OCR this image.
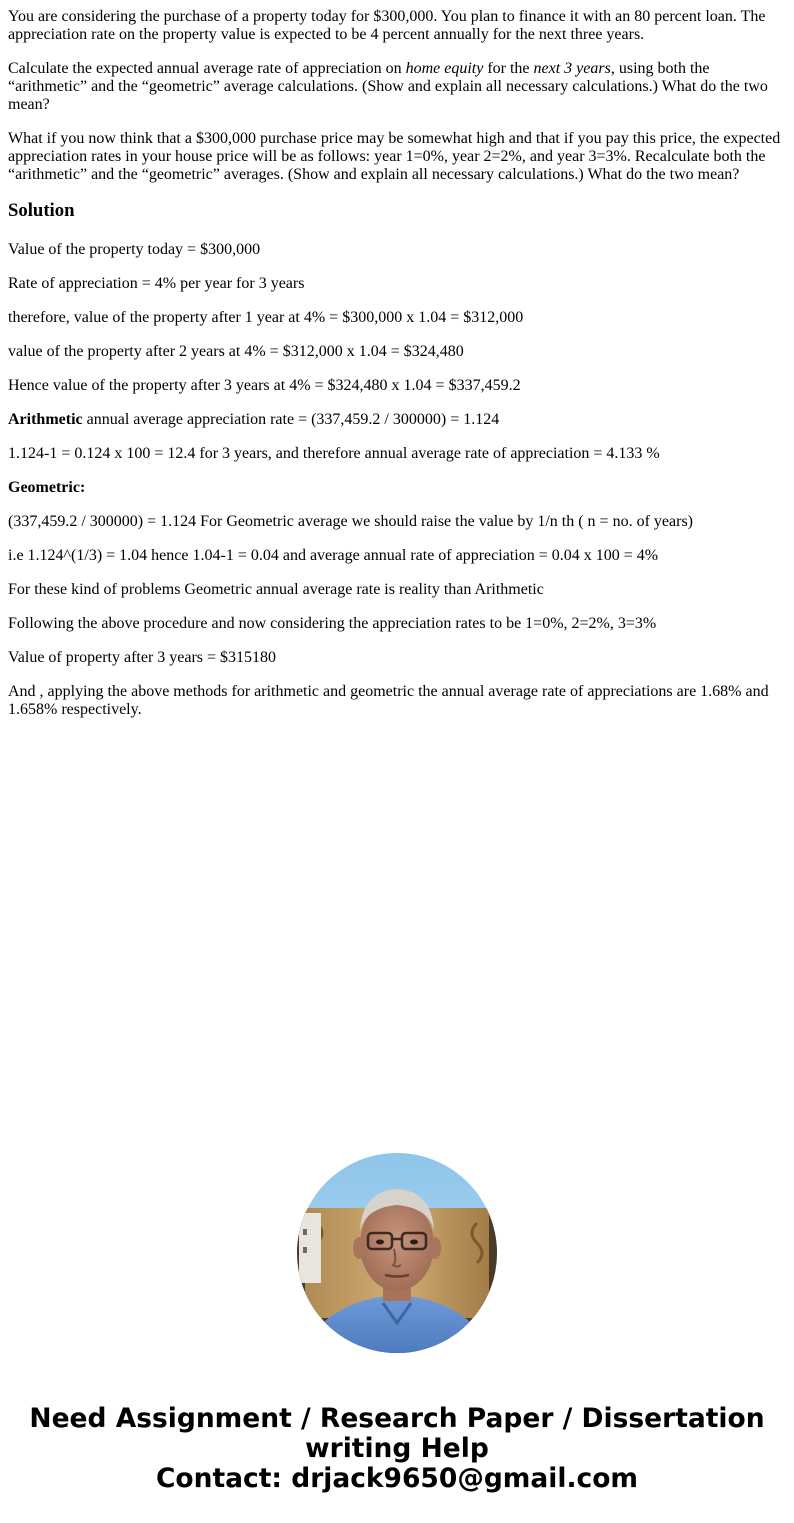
You are considering the purchase of a property today for $300,000. You plan to finance it with an 80 percent loan. The appreciation rate on the property value is expected to be 4 percent annually for the next three years.

Calculate the expected annual average rate of appreciation on home equity for the next 3 years, using both the “arithmetic” and the “geometric” average calculations. (Show and explain all necessary calculations.) What do the two mean?

What if you now think that a $300,000 purchase price may be somewhat high and that if you pay this price, the expected appreciation rates in your house price will be as follows: year 1=0%, year 2=2%, and year 3=3%. Recalculate both the “arithmetic” and the “geometric” averages. (Show and explain all necessary calculations.) What do the two mean?

Solution

Value of the property today = $300,000

Rate of appreciation = 4% per year for 3 years

therefore, value of the property after 1 year at 4% = $300,000 x 1.04 = $312,000

value of the property after 2 years at 4% = $312,000 x 1.04 = $324,480

Hence value of the property after 3 years at 4% = $324,480 x 1.04 = $337,459.2

Arithmetic annual average appreciation rate = (337,459.2 / 300000) = 1.124

1.124-1 = 0.124 x 100 = 12.4 for 3 years, and therefore annual average rate of appreciation = 4.133 %

Geometric:

(337,459.2 / 300000) = 1.124 For Geometric average we should raise the value by 1/n th ( n = no. of years)

i.e 1.124^(1/3) = 1.04 hence 1.04-1 = 0.04 and average annual rate of appreciation = 0.04 x 100 = 4%

For these kind of problems Geometric annual average rate is reality than Arithmetic

Following the above procedure and now considering the appreciation rates to be 1=0%, 2=2%, 3=3%

Value of property after 3 years = $315180

And , applying the above methods for arithmetic and geometric the annual average rate of appreciations are 1.68% and 1.658% respectively.

Need Assignment / Research Paper / Dissertation
writing Help
Contact: drjack9650@gmail.com
